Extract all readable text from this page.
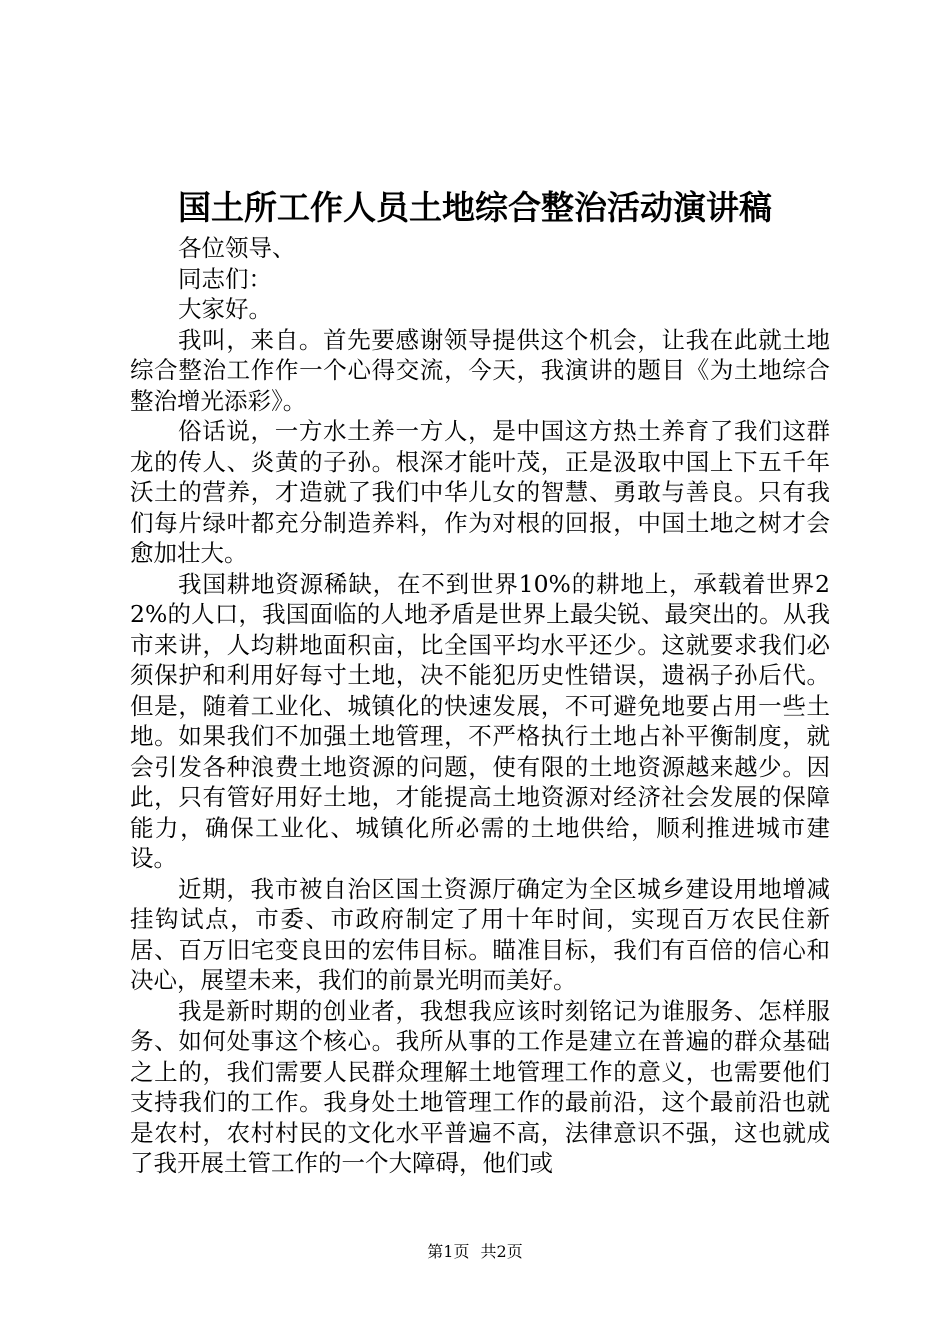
国土所工作人员土地综合整治活动演讲稿

各位领导、

同志们：

大家好。

我叫，来自。首先要感谢领导提供这个机会，让我在此就土地综合整治工作作一个心得交流，今天，我演讲的题目《为土地综合整治增光添彩》。

俗话说，一方水土养一方人，是中国这方热土养育了我们这群龙的传人、炎黄的子孙。根深才能叶茂，正是汲取中国上下五千年沃土的营养，才造就了我们中华儿女的智慧、勇敢与善良。只有我们每片绿叶都充分制造养料，作为对根的回报，中国土地之树才会愈加壮大。

我国耕地资源稀缺，在不到世界10%的耕地上，承载着世界22%的人口，我国面临的人地矛盾是世界上最尖锐、最突出的。从我市来讲，人均耕地面积亩，比全国平均水平还少。这就要求我们必须保护和利用好每寸土地，决不能犯历史性错误，遗祸子孙后代。但是，随着工业化、城镇化的快速发展，不可避免地要占用一些土地。如果我们不加强土地管理，不严格执行土地占补平衡制度，就会引发各种浪费土地资源的问题，使有限的土地资源越来越少。因此，只有管好用好土地，才能提高土地资源对经济社会发展的保障能力，确保工业化、城镇化所必需的土地供给，顺利推进城市建设。

近期，我市被自治区国土资源厅确定为全区城乡建设用地增减挂钩试点，市委、市政府制定了用十年时间，实现百万农民住新居、百万旧宅变良田的宏伟目标。瞄准目标，我们有百倍的信心和决心，展望未来，我们的前景光明而美好。

我是新时期的创业者，我想我应该时刻铭记为谁服务、怎样服务、如何处事这个核心。我所从事的工作是建立在普遍的群众基础之上的，我们需要人民群众理解土地管理工作的意义，也需要他们支持我们的工作。我身处土地管理工作的最前沿，这个最前沿也就是农村，农村村民的文化水平普遍不高，法律意识不强，这也就成了我开展土管工作的一个大障碍，他们或

第1页 共2页
